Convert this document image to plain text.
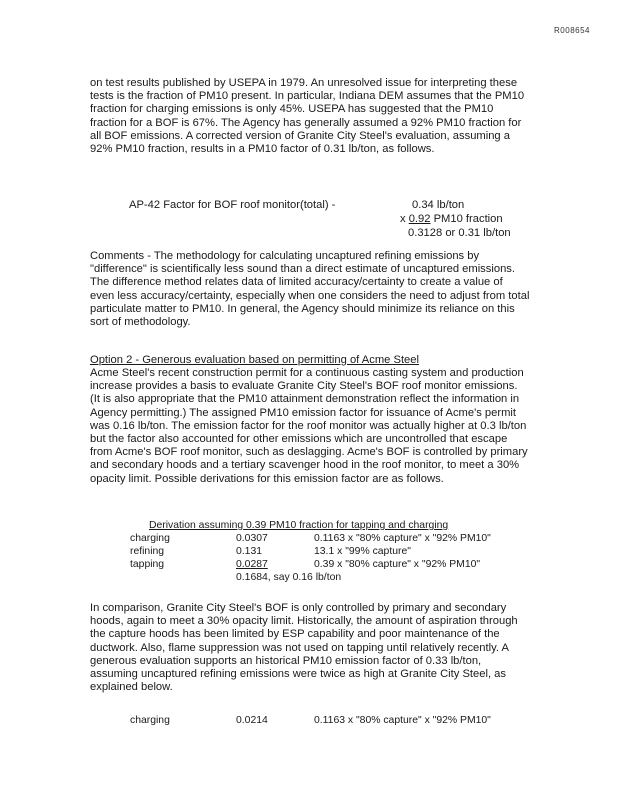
R008654
on test results published by USEPA in 1979. An unresolved issue for interpreting these tests is the fraction of PM10 present. In particular, Indiana DEM assumes that the PM10 fraction for charging emissions is only 45%. USEPA has suggested that the PM10 fraction for a BOF is 67%. The Agency has generally assumed a 92% PM10 fraction for all BOF emissions. A corrected version of Granite City Steel's evaluation, assuming a 92% PM10 fraction, results in a PM10 factor of 0.31 lb/ton, as follows.
AP-42 Factor for BOF roof monitor(total) -	0.34 lb/ton
x 0.92 PM10 fraction
0.3128 or 0.31 lb/ton
Comments - The methodology for calculating uncaptured refining emissions by "difference" is scientifically less sound than a direct estimate of uncaptured emissions. The difference method relates data of limited accuracy/certainty to create a value of even less accuracy/certainty, especially when one considers the need to adjust from total particulate matter to PM10. In general, the Agency should minimize its reliance on this sort of methodology.
Option 2 - Generous evaluation based on permitting of Acme Steel
Acme Steel's recent construction permit for a continuous casting system and production increase provides a basis to evaluate Granite City Steel's BOF roof monitor emissions. (It is also appropriate that the PM10 attainment demonstration reflect the information in Agency permitting.) The assigned PM10 emission factor for issuance of Acme's permit was 0.16 lb/ton. The emission factor for the roof monitor was actually higher at 0.3 lb/ton but the factor also accounted for other emissions which are uncontrolled that escape from Acme's BOF roof monitor, such as deslagging. Acme's BOF is controlled by primary and secondary hoods and a tertiary scavenger hood in the roof monitor, to meet a 30% opacity limit. Possible derivations for this emission factor are as follows.
Derivation assuming 0.39 PM10 fraction for tapping and charging
charging	0.0307	0.1163 x "80% capture" x "92% PM10"
refining	0.131	13.1 x "99% capture"
tapping	0.0287	0.39 x "80% capture" x "92% PM10"
0.1684, say 0.16 lb/ton
In comparison, Granite City Steel's BOF is only controlled by primary and secondary hoods, again to meet a 30% opacity limit. Historically, the amount of aspiration through the capture hoods has been limited by ESP capability and poor maintenance of the ductwork. Also, flame suppression was not used on tapping until relatively recently. A generous evaluation supports an historical PM10 emission factor of 0.33 lb/ton, assuming uncaptured refining emissions were twice as high at Granite City Steel, as explained below.
charging	0.0214	0.1163 x "80% capture" x "92% PM10"
